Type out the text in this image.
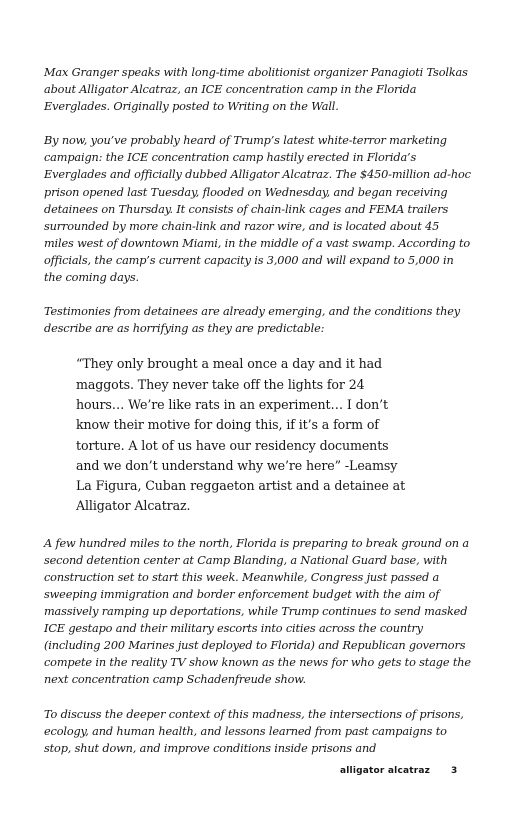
Max Granger speaks with long-time abolitionist organizer Panagioti Tsolkas about Alligator Alcatraz, an ICE concentration camp in the Florida Everglades. Originally posted to Writing on the Wall.

By now, you’ve probably heard of Trump’s latest white-terror marketing campaign: the ICE concentration camp hastily erected in Florida’s Everglades and officially dubbed Alligator Alcatraz. The $450-million ad-hoc prison opened last Tuesday, flooded on Wednesday, and began receiving detainees on Thursday. It consists of chain-link cages and FEMA trailers surrounded by more chain-link and razor wire, and is located about 45 miles west of downtown Miami, in the middle of a vast swamp. According to officials, the camp’s current capacity is 3,000 and will expand to 5,000 in the coming days.

Testimonies from detainees are already emerging, and the conditions they describe are as horrifying as they are predictable:

“They only brought a meal once a day and it had maggots. They never take off the lights for 24 hours… We’re like rats in an experiment… I don’t know their motive for doing this, if it’s a form of torture. A lot of us have our residency documents and we don’t understand why we’re here” -Leamsy La Figura, Cuban reggaeton artist and a detainee at Alligator Alcatraz.

A few hundred miles to the north, Florida is preparing to break ground on a second detention center at Camp Blanding, a National Guard base, with construction set to start this week. Meanwhile, Congress just passed a sweeping immigration and border enforcement budget with the aim of massively ramping up deportations, while Trump continues to send masked ICE gestapo and their military escorts into cities across the country (including 200 Marines just deployed to Florida) and Republican governors compete in the reality TV show known as the news for who gets to stage the next concentration camp Schadenfreude show.

To discuss the deeper context of this madness, the intersections of prisons, ecology, and human health, and lessons learned from past campaigns to stop, shut down, and improve conditions inside prisons and

alligator alcatraz 3
